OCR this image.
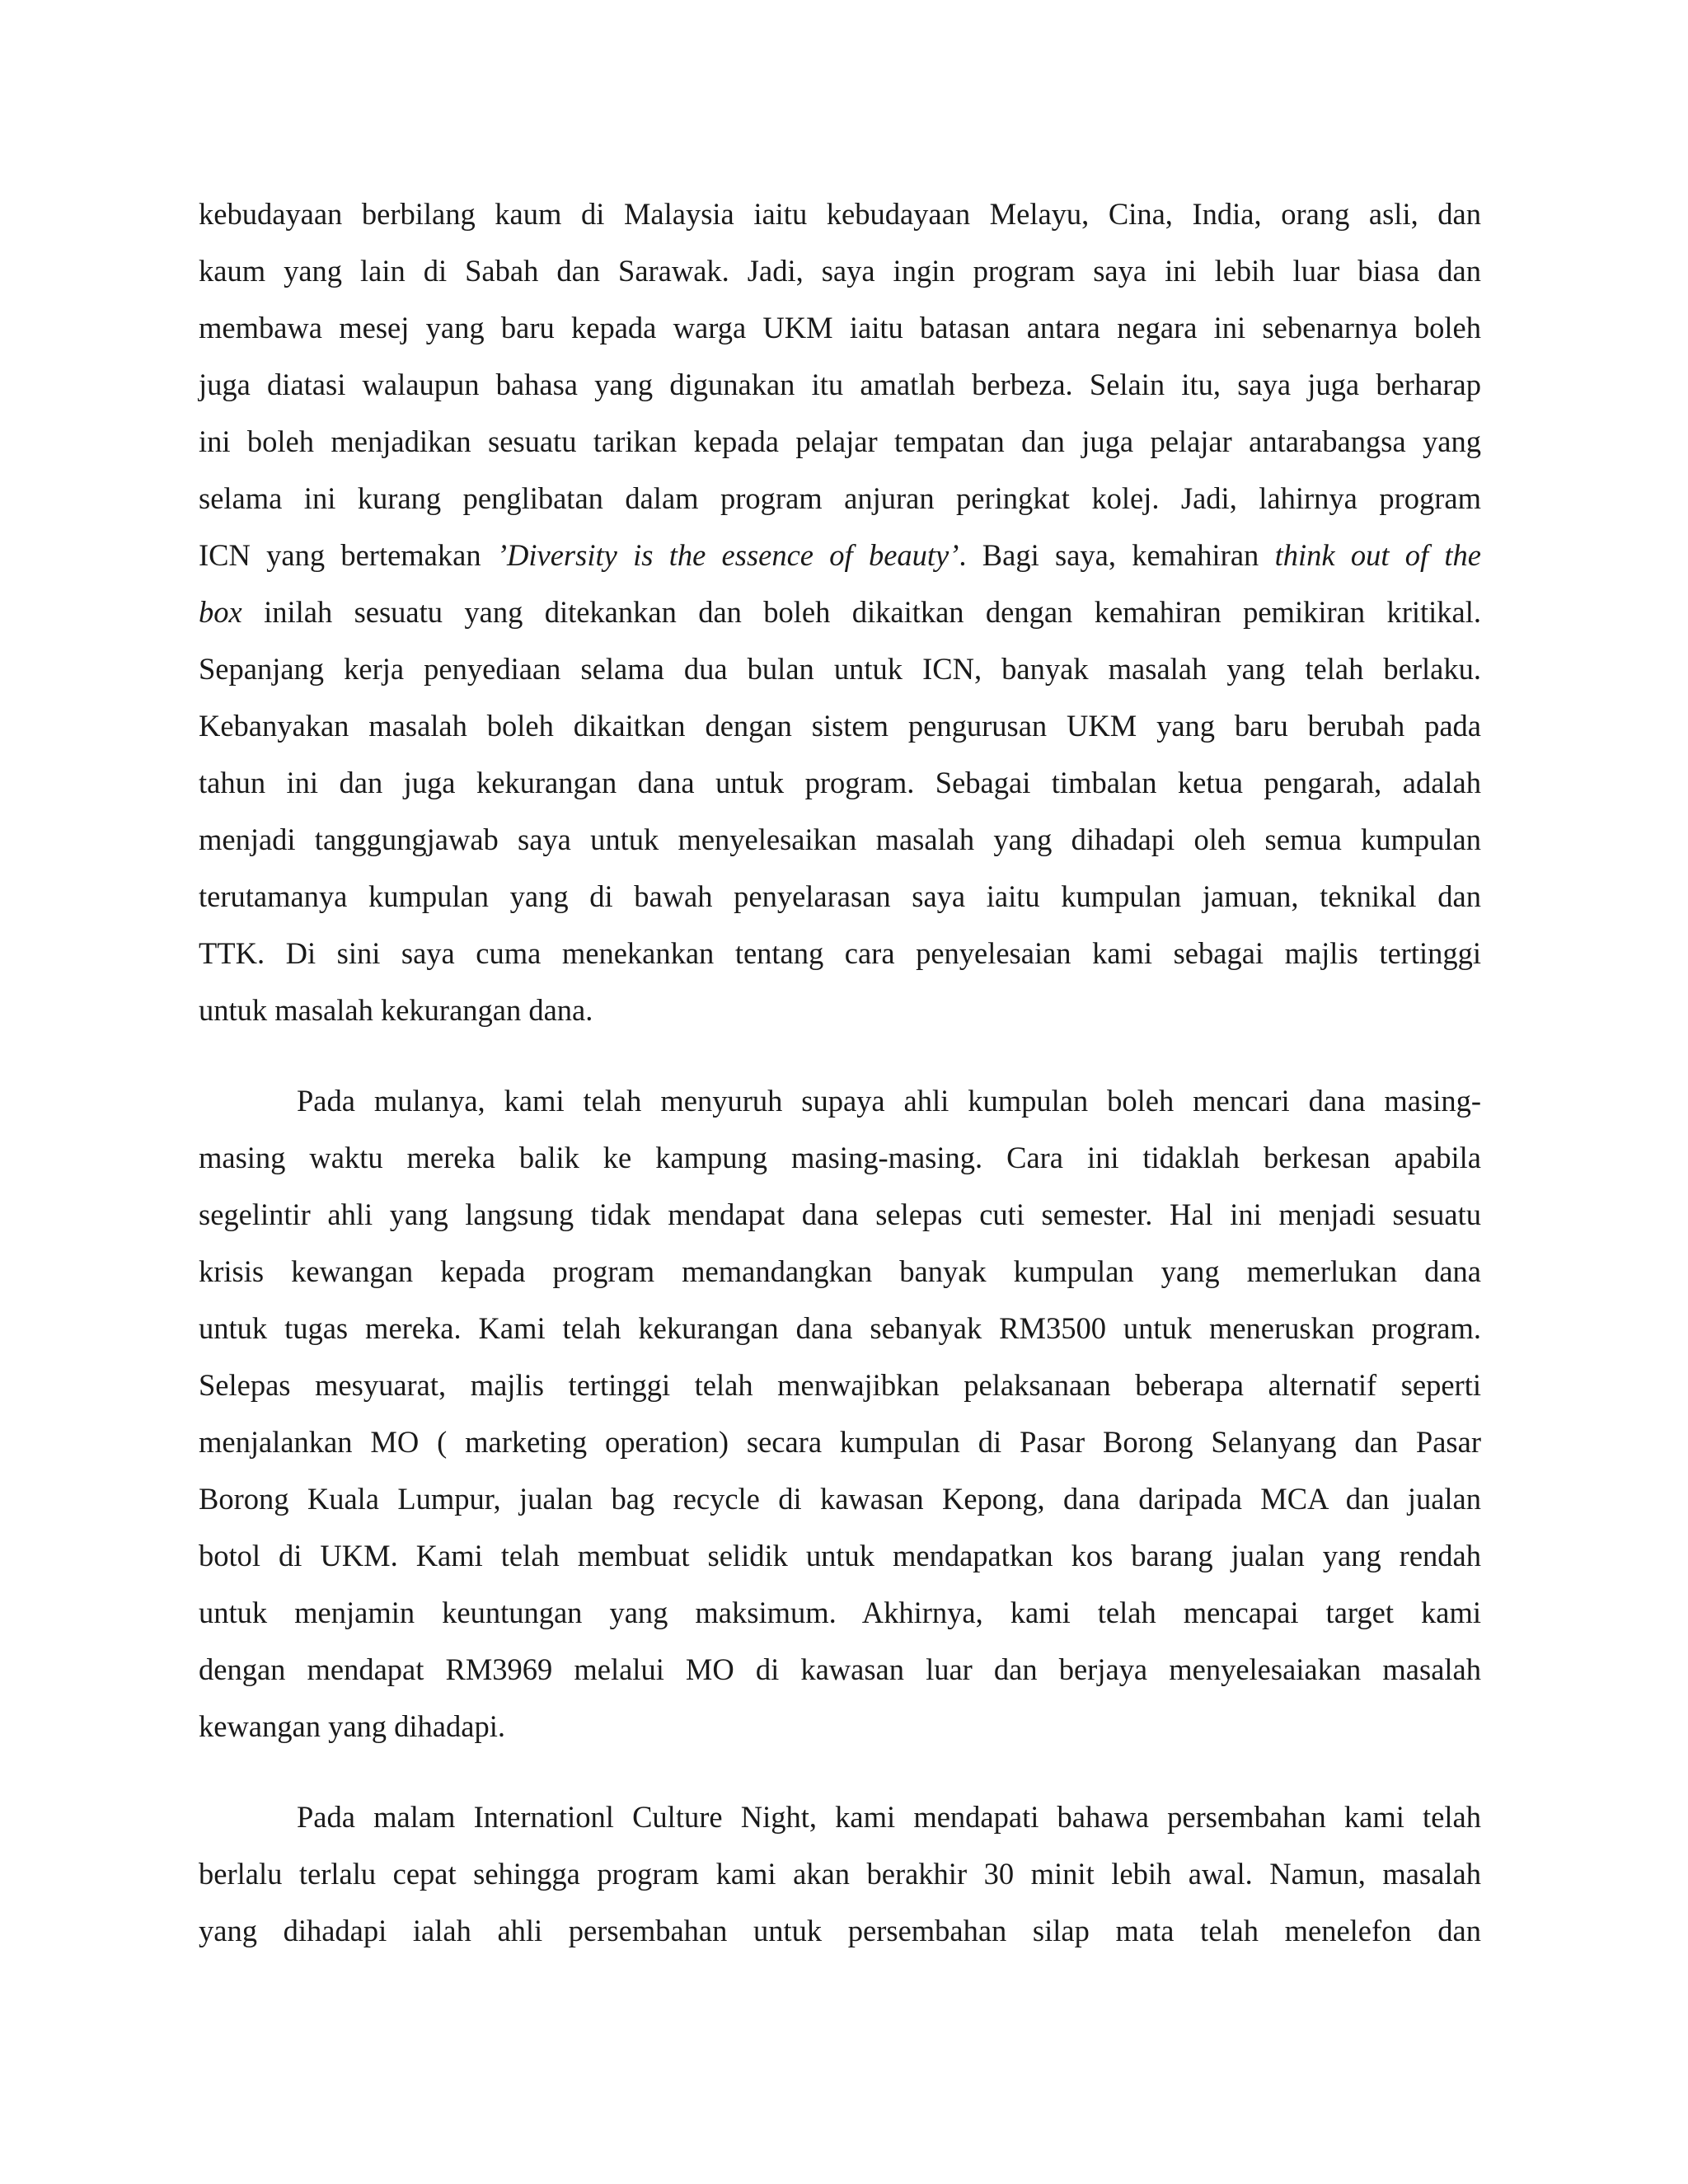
kebudayaan berbilang kaum di Malaysia iaitu kebudayaan Melayu, Cina, India, orang asli, dan
kaum yang lain di Sabah dan Sarawak. Jadi, saya ingin program saya ini lebih luar biasa dan
membawa mesej yang baru kepada warga UKM iaitu batasan antara negara ini sebenarnya boleh
juga diatasi walaupun bahasa yang digunakan itu amatlah berbeza. Selain itu, saya juga berharap
ini boleh menjadikan sesuatu tarikan kepada pelajar tempatan dan juga pelajar antarabangsa yang
selama ini kurang penglibatan dalam program anjuran peringkat kolej. Jadi, lahirnya program
ICN yang bertemakan ’Diversity is the essence of beauty’. Bagi saya, kemahiran think out of the
box inilah sesuatu yang ditekankan dan boleh dikaitkan dengan kemahiran pemikiran kritikal.
Sepanjang kerja penyediaan selama dua bulan untuk ICN, banyak masalah yang telah berlaku.
Kebanyakan masalah boleh dikaitkan dengan sistem pengurusan UKM yang baru berubah pada
tahun ini dan juga kekurangan dana untuk program. Sebagai timbalan ketua pengarah, adalah
menjadi tanggungjawab saya untuk menyelesaikan masalah yang dihadapi oleh semua kumpulan
terutamanya kumpulan yang di bawah penyelarasan saya iaitu kumpulan jamuan, teknikal dan
TTK. Di sini saya cuma menekankan tentang cara penyelesaian kami sebagai majlis tertinggi
untuk masalah kekurangan dana.
Pada mulanya, kami telah menyuruh supaya ahli kumpulan boleh mencari dana masing-
masing waktu mereka balik ke kampung masing-masing. Cara ini tidaklah berkesan apabila
segelintir ahli yang langsung tidak mendapat dana selepas cuti semester. Hal ini menjadi sesuatu
krisis kewangan kepada program memandangkan banyak kumpulan yang memerlukan dana
untuk tugas mereka. Kami telah kekurangan dana sebanyak RM3500 untuk meneruskan program.
Selepas mesyuarat, majlis tertinggi telah menwajibkan pelaksanaan beberapa alternatif seperti
menjalankan MO ( marketing operation) secara kumpulan di Pasar Borong Selanyang dan Pasar
Borong Kuala Lumpur, jualan bag recycle di kawasan Kepong, dana daripada MCA dan jualan
botol di UKM. Kami telah membuat selidik untuk mendapatkan kos barang jualan yang rendah
untuk menjamin keuntungan yang maksimum. Akhirnya, kami telah mencapai target kami
dengan mendapat RM3969 melalui MO di kawasan luar dan berjaya menyelesaiakan masalah
kewangan yang dihadapi.
Pada malam Internationl Culture Night, kami mendapati bahawa persembahan kami telah
berlalu terlalu cepat sehingga program kami akan berakhir 30 minit lebih awal. Namun, masalah
yang dihadapi ialah ahli persembahan untuk persembahan silap mata telah menelefon dan
